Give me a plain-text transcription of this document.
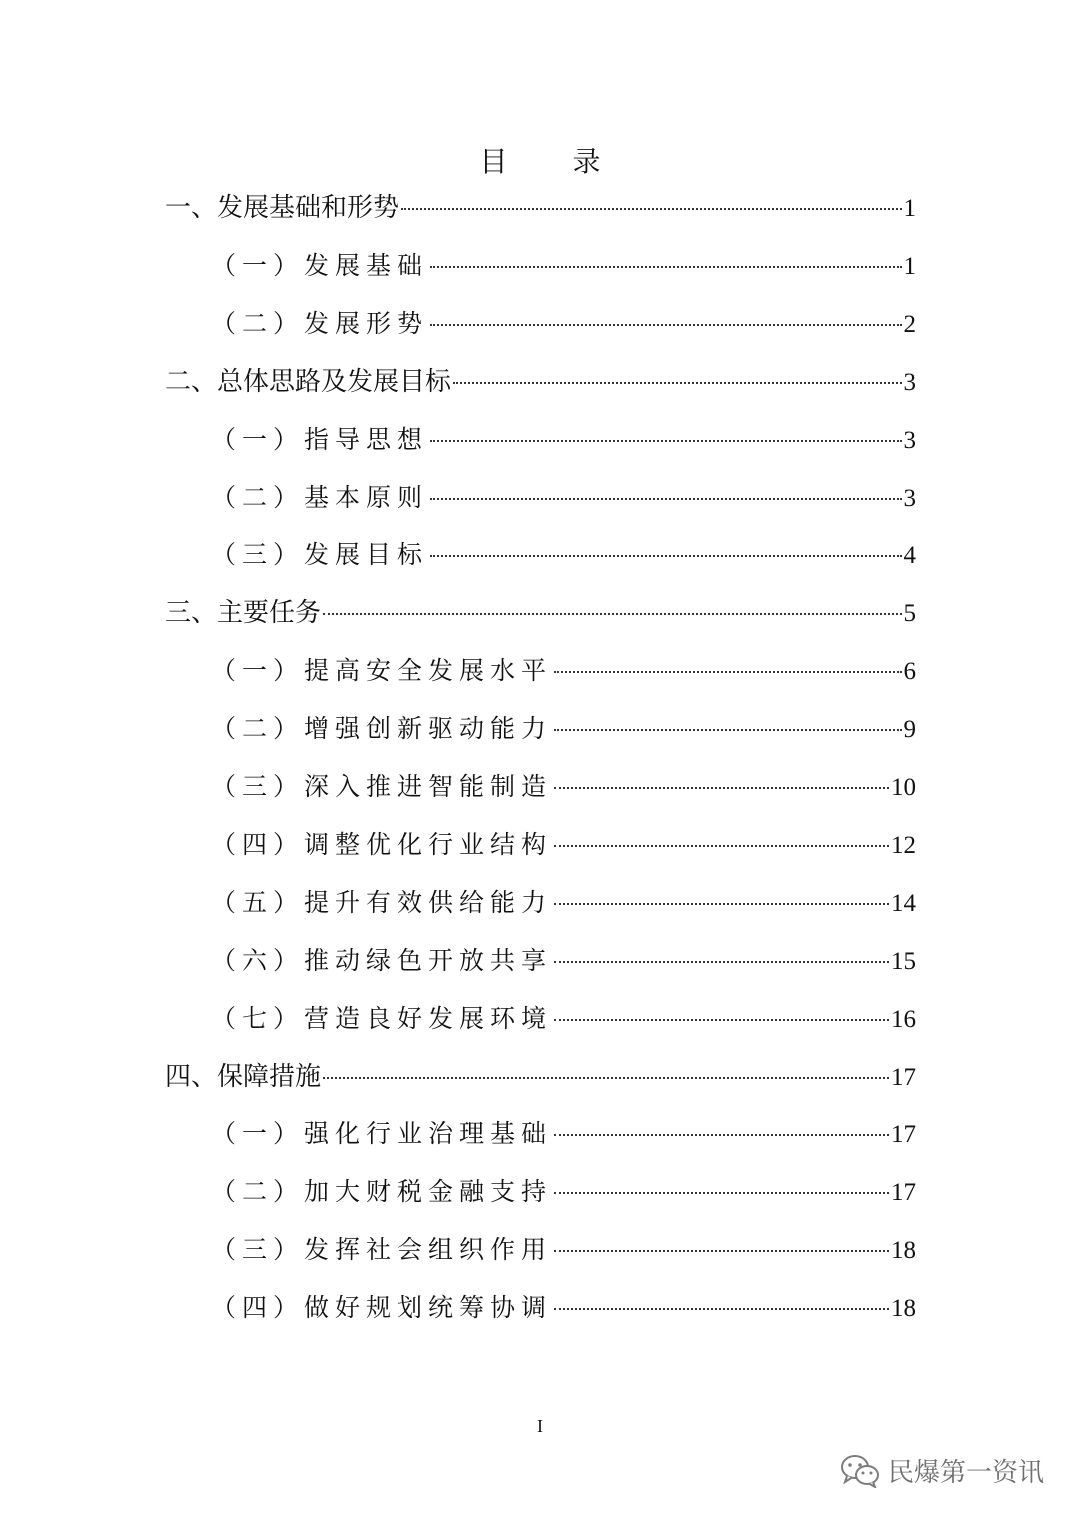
目 录
一、发展基础和形势	1
（一）发展基础	1
（二）发展形势	2
二、总体思路及发展目标	3
（一）指导思想	3
（二）基本原则	3
（三）发展目标	4
三、主要任务	5
（一）提高安全发展水平	6
（二）增强创新驱动能力	9
（三）深入推进智能制造	10
（四）调整优化行业结构	12
（五）提升有效供给能力	14
（六）推动绿色开放共享	15
（七）营造良好发展环境	16
四、保障措施	17
（一）强化行业治理基础	17
（二）加大财税金融支持	17
（三）发挥社会组织作用	18
（四）做好规划统筹协调	18
I
民爆第一资讯
